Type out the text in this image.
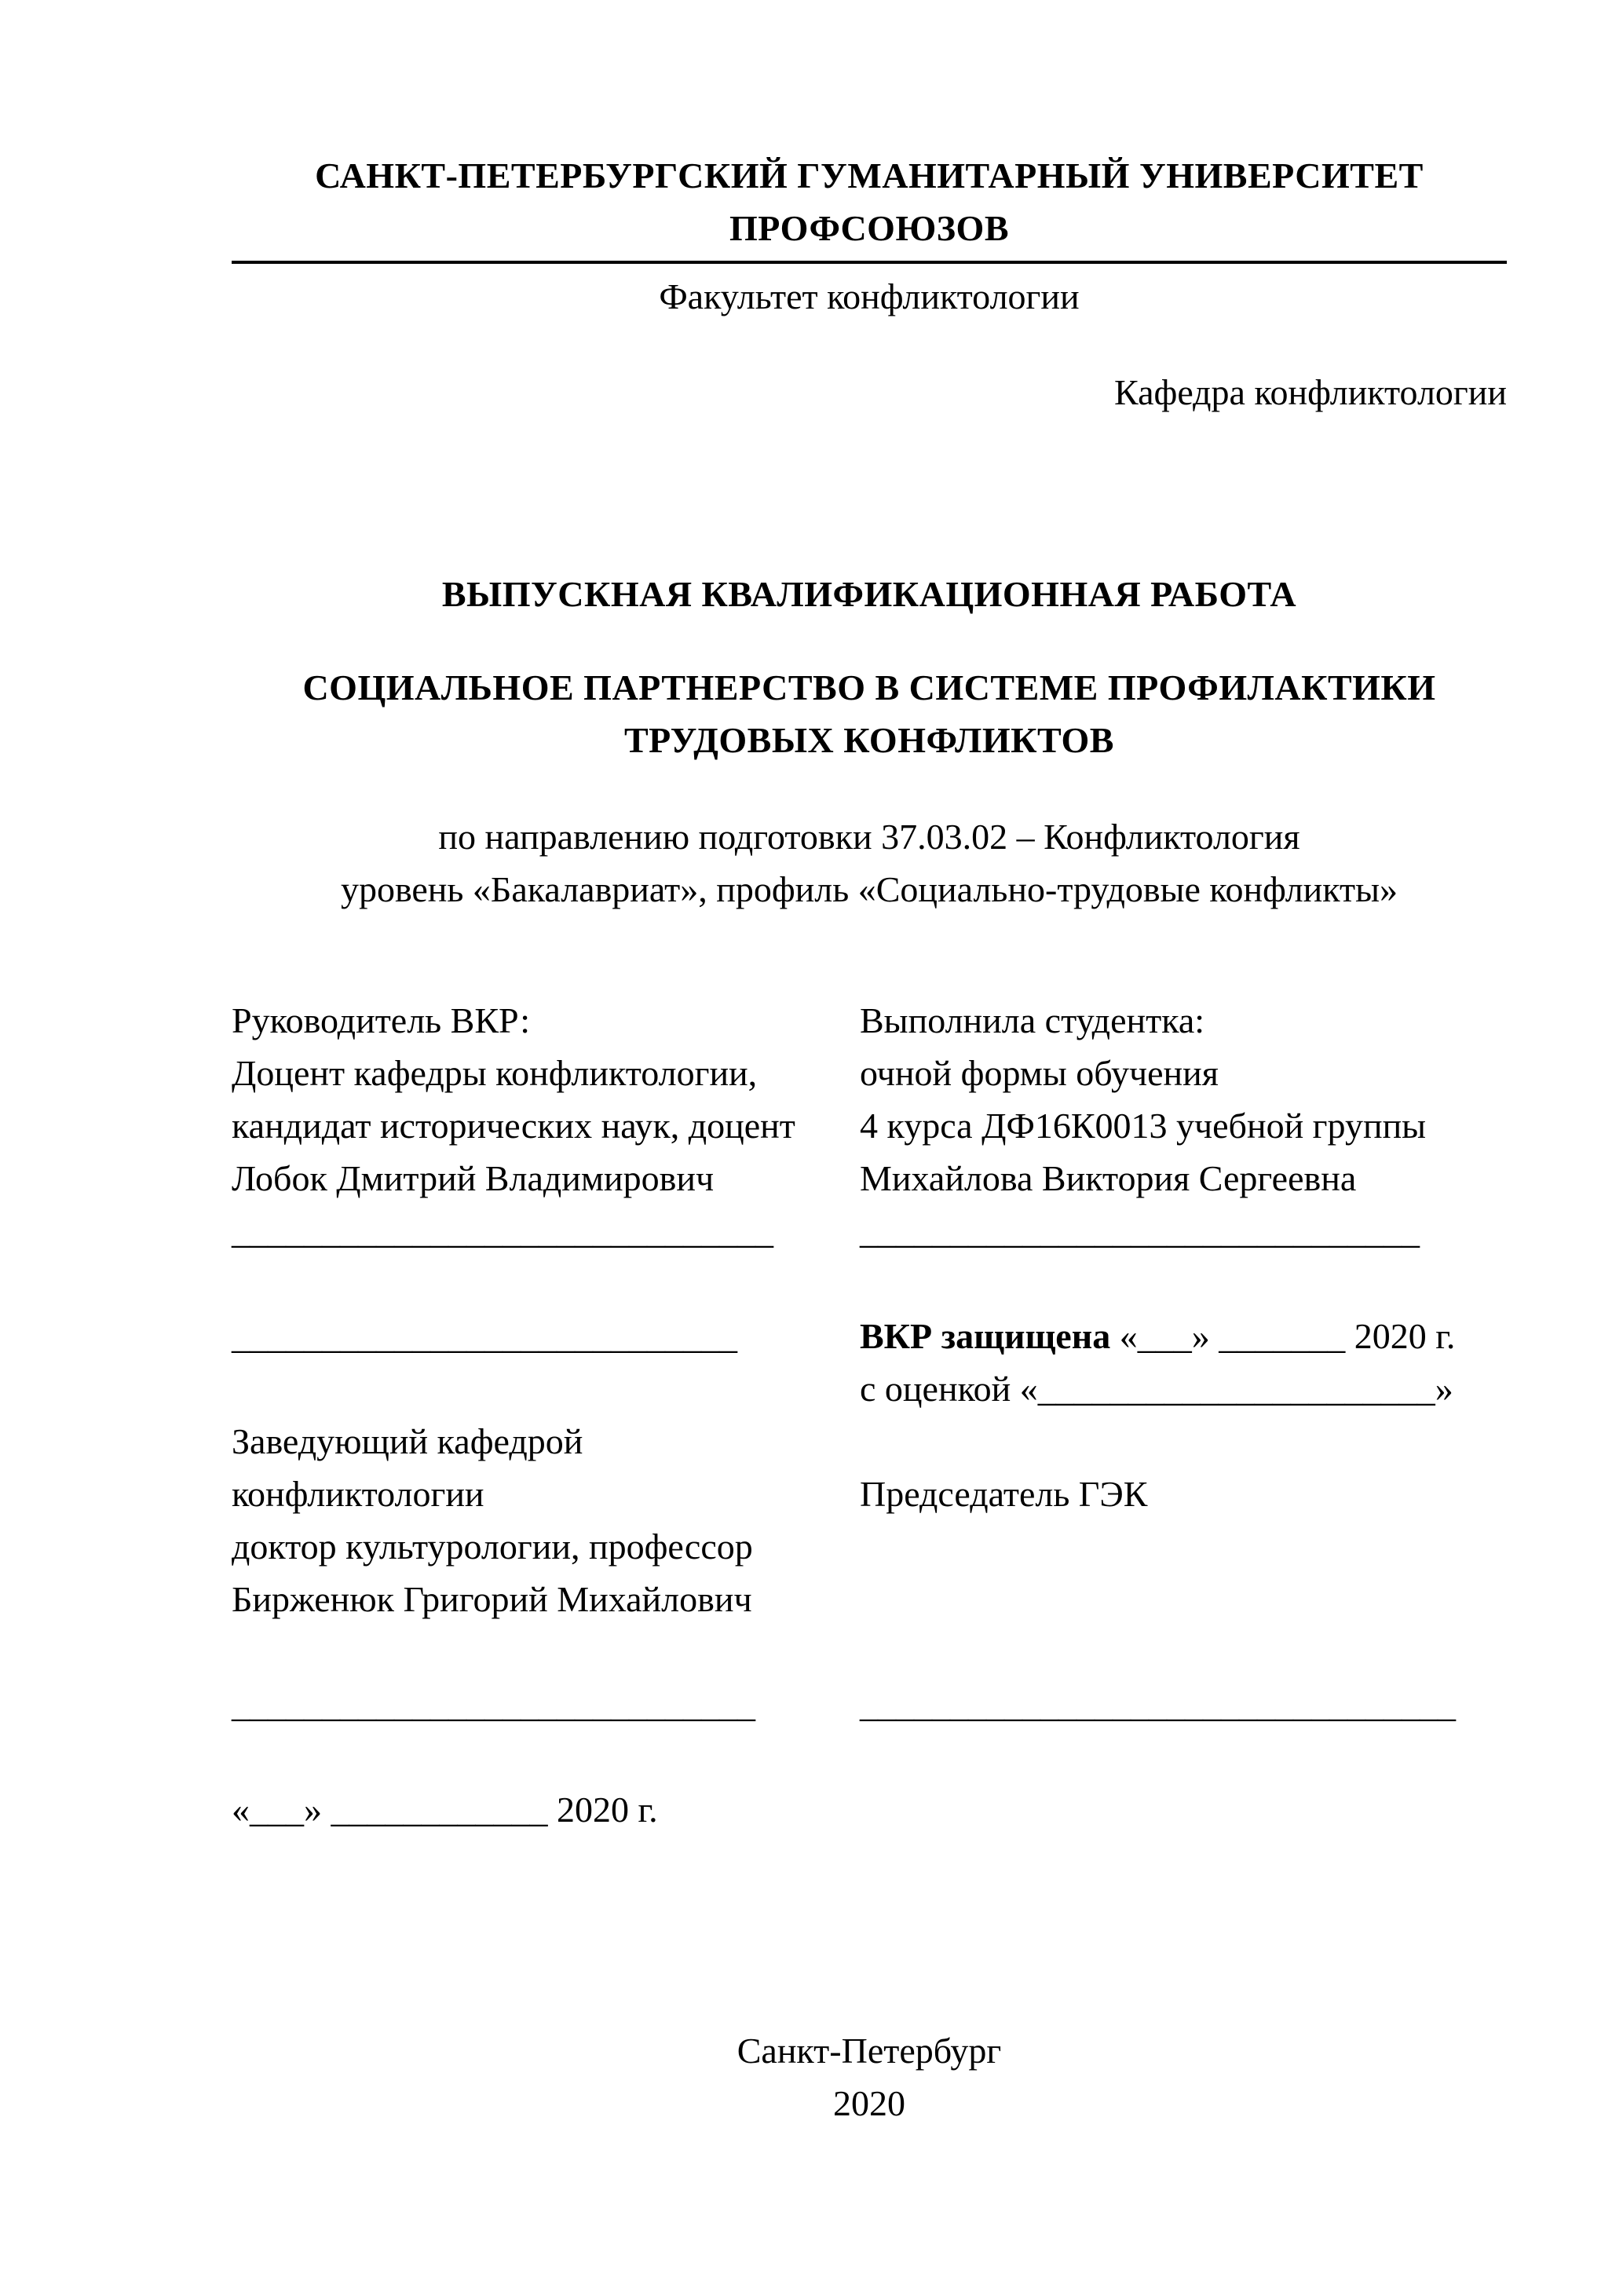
САНКТ-ПЕТЕРБУРГСКИЙ ГУМАНИТАРНЫЙ УНИВЕРСИТЕТ ПРОФСОЮЗОВ
Факультет конфликтологии
Кафедра конфликтологии
ВЫПУСКНАЯ КВАЛИФИКАЦИОННАЯ РАБОТА
СОЦИАЛЬНОЕ ПАРТНЕРСТВО В СИСТЕМЕ ПРОФИЛАКТИКИ
ТРУДОВЫХ КОНФЛИКТОВ
по направлению подготовки 37.03.02 – Конфликтология
уровень «Бакалавриат», профиль «Социально-трудовые конфликты»
Руководитель ВКР:
Доцент кафедры конфликтологии,
кандидат исторических наук, доцент
Лобок Дмитрий Владимирович
______________________________
____________________________
Заведующий кафедрой
конфликтологии
доктор культурологии, профессор
Бирженюк Григорий Михайлович
_____________________________
«___» ____________ 2020 г.
Выполнила студентка:
очной формы обучения
4 курса ДФ16К0013 учебной группы
Михайлова Виктория Сергеевна
_______________________________
ВКР защищена «___» _______ 2020 г.
с оценкой «______________________»
Председатель ГЭК
_________________________________
Санкт-Петербург
2020
